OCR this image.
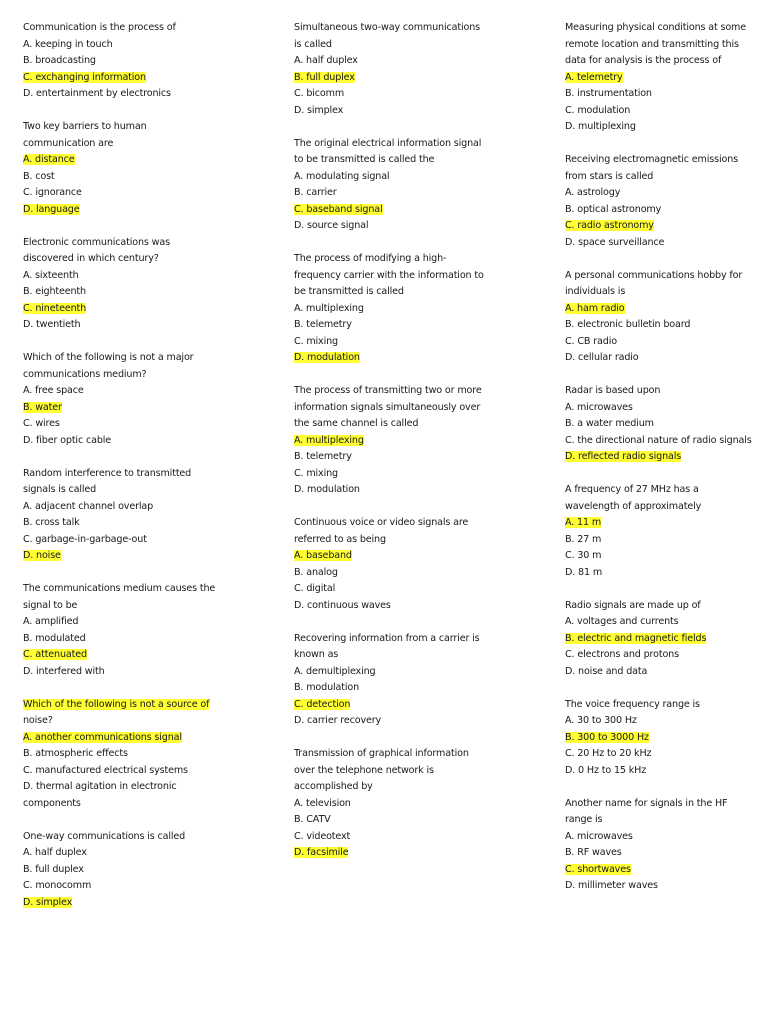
Communication is the process of
A. keeping in touch
B. broadcasting
C. exchanging information
D. entertainment by electronics
Two key barriers to human
communication are
A. distance
B. cost
C. ignorance
D. language
Electronic communications was
discovered in which century?
A. sixteenth
B. eighteenth
C. nineteenth
D. twentieth
Which of the following is not a major
communications medium?
A. free space
B. water
C. wires
D. fiber optic cable
Random interference to transmitted
signals is called
A. adjacent channel overlap
B. cross talk
C. garbage-in-garbage-out
D. noise
The communications medium causes the
signal to be
A. amplified
B. modulated
C. attenuated
D. interfered with
Which of the following is not a source of
noise?
A. another communications signal
B. atmospheric effects
C. manufactured electrical systems
D. thermal agitation in electronic
components
One-way communications is called
A. half duplex
B. full duplex
C. monocomm
D. simplex
Simultaneous two-way communications
is called
A. half duplex
B. full duplex
C. bicomm
D. simplex
The original electrical information signal
to be transmitted is called the
A. modulating signal
B. carrier
C. baseband signal
D. source signal
The process of modifying a high-
frequency carrier with the information to
be transmitted is called
A. multiplexing
B. telemetry
C. mixing
D. modulation
The process of transmitting two or more
information signals simultaneously over
the same channel is called
A. multiplexing
B. telemetry
C. mixing
D. modulation
Continuous voice or video signals are
referred to as being
A. baseband
B. analog
C. digital
D. continuous waves
Recovering information from a carrier is
known as
A. demultiplexing
B. modulation
C. detection
D. carrier recovery
Transmission of graphical information
over the telephone network is
accomplished by
A. television
B. CATV
C. videotext
D. facsimile
Measuring physical conditions at some
remote location and transmitting this
data for analysis is the process of
A. telemetry
B. instrumentation
C. modulation
D. multiplexing
Receiving electromagnetic emissions
from stars is called
A. astrology
B. optical astronomy
C. radio astronomy
D. space surveillance
A personal communications hobby for
individuals is
A. ham radio
B. electronic bulletin board
C. CB radio
D. cellular radio
Radar is based upon
A. microwaves
B. a water medium
C. the directional nature of radio signals
D. reflected radio signals
A frequency of 27 MHz has a
wavelength of approximately
A. 11 m
B. 27 m
C. 30 m
D. 81 m
Radio signals are made up of
A. voltages and currents
B. electric and magnetic fields
C. electrons and protons
D. noise and data
The voice frequency range is
A. 30 to 300 Hz
B. 300 to 3000 Hz
C. 20 Hz to 20 kHz
D. 0 Hz to 15 kHz
Another name for signals in the HF
range is
A. microwaves
B. RF waves
C. shortwaves
D. millimeter waves
